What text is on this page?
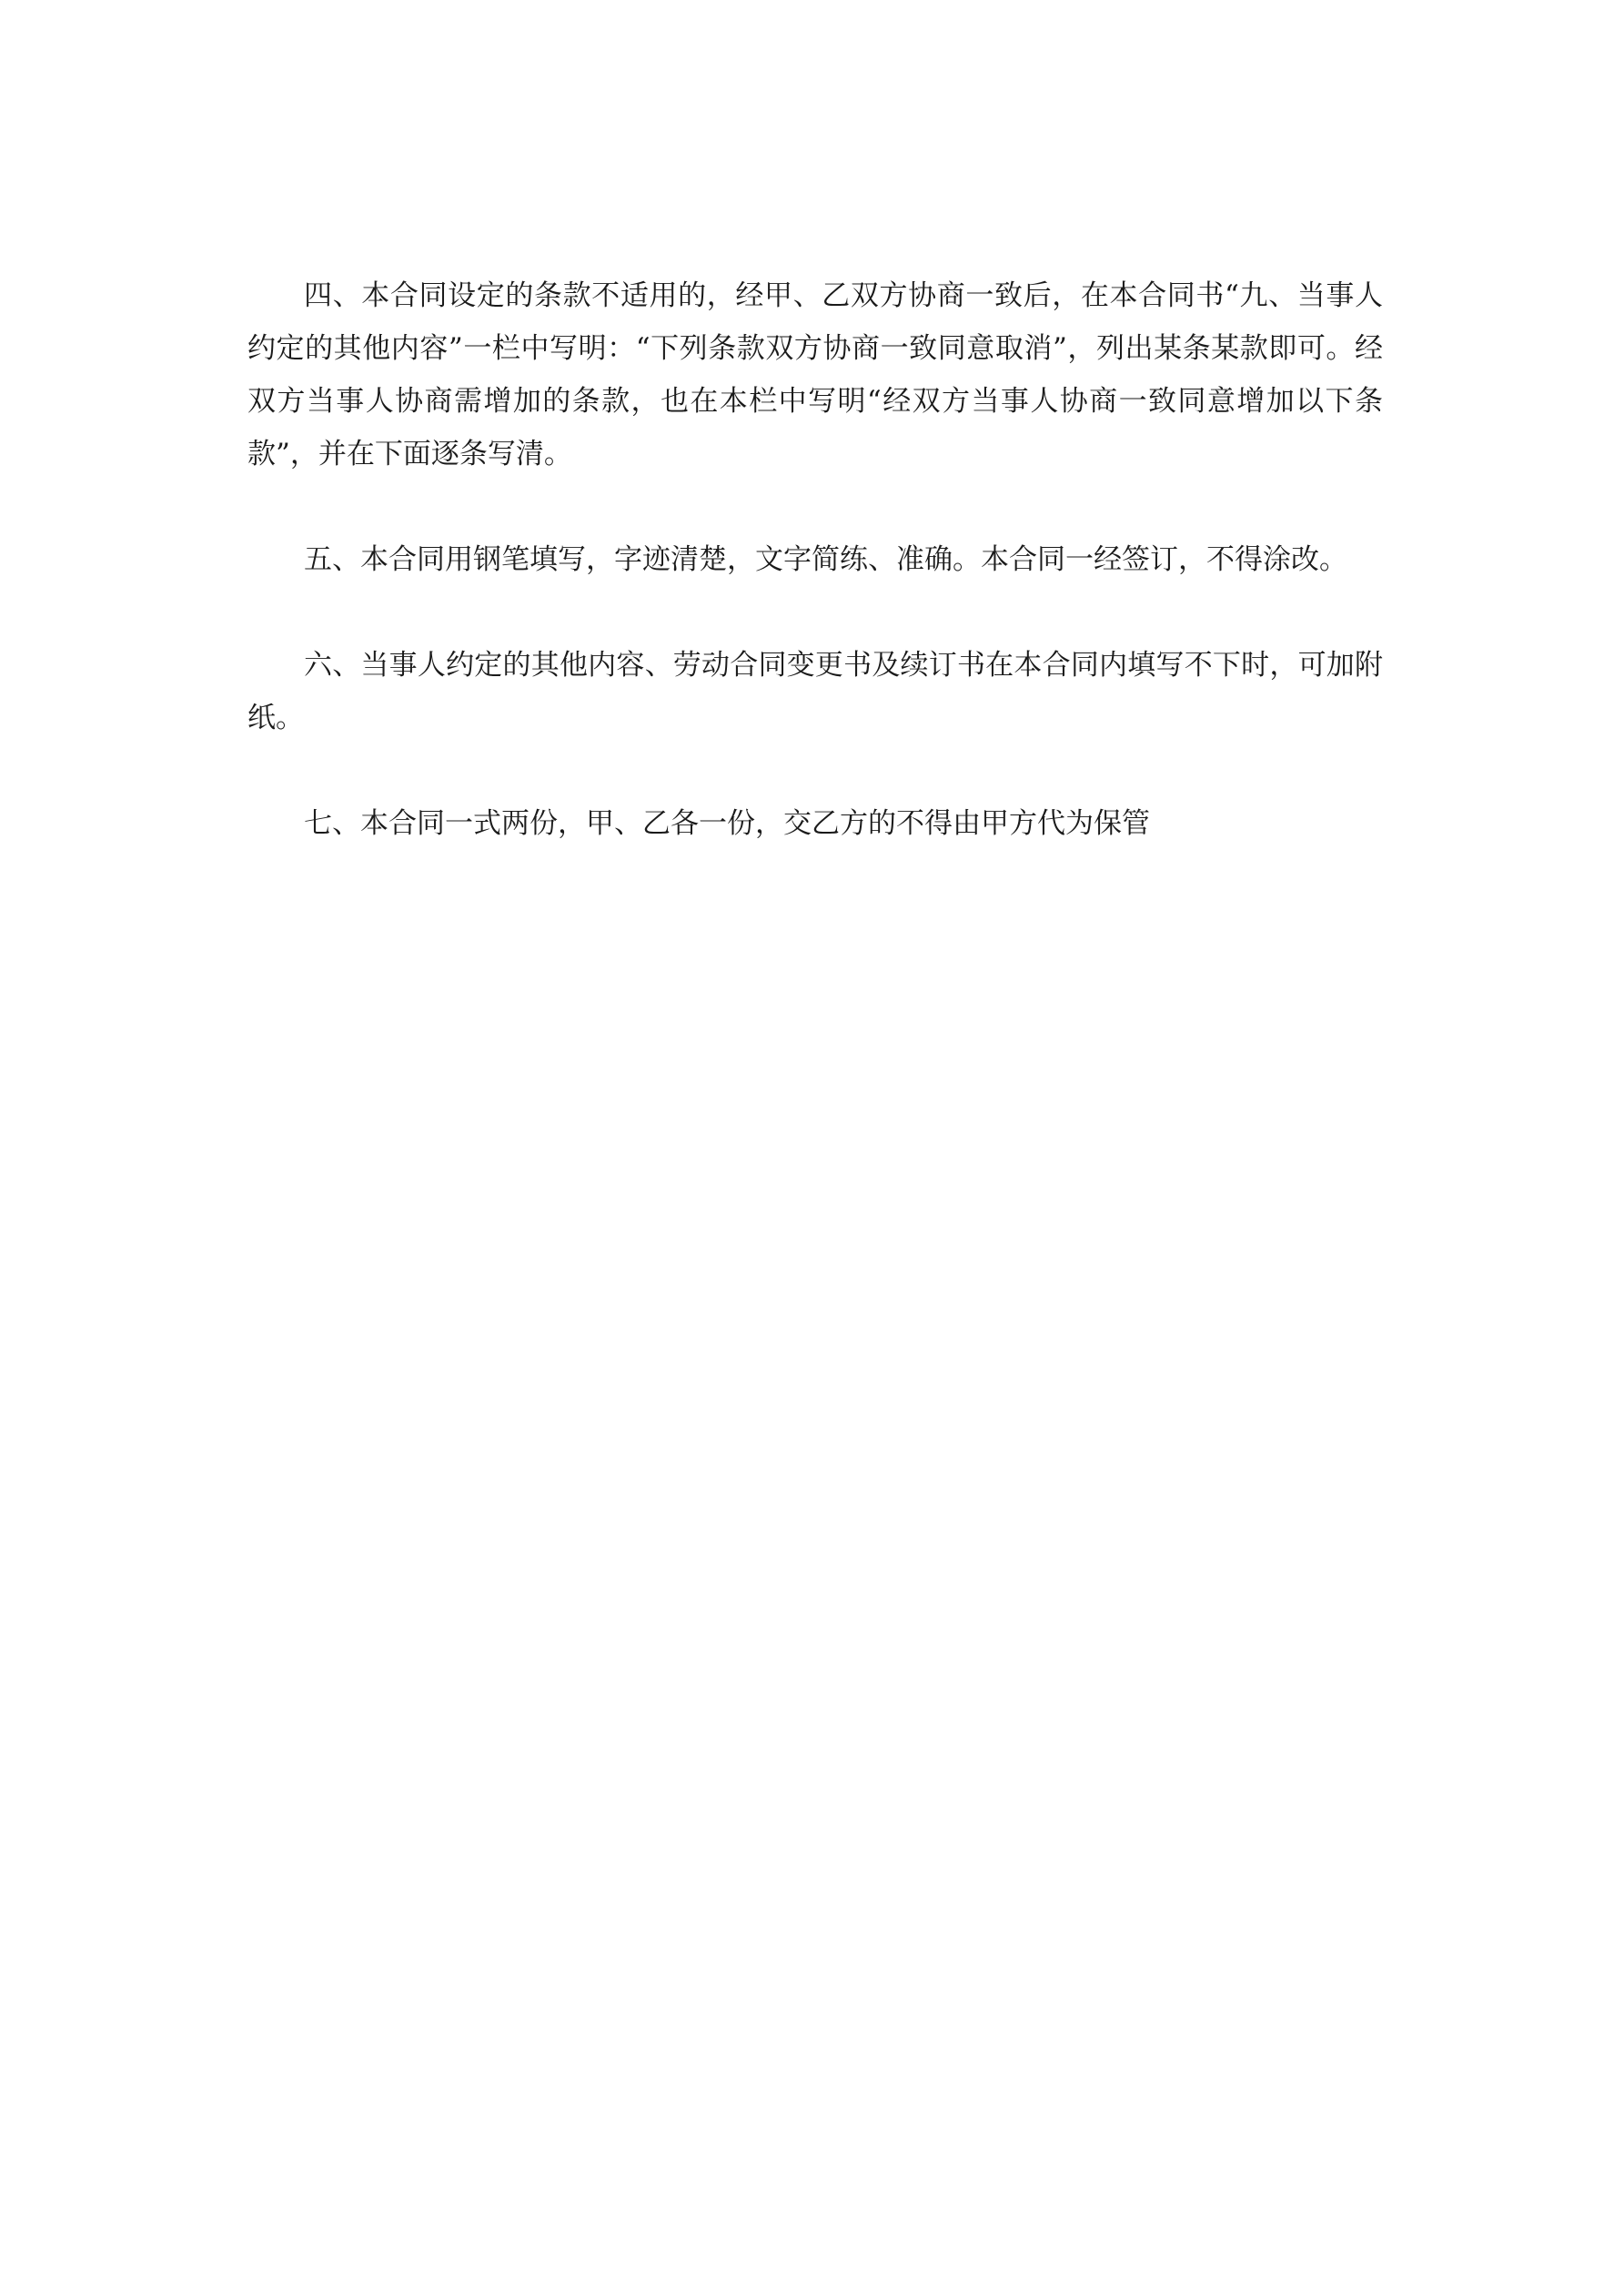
四、本合同设定的条款不适用的，经甲、乙双方协商一致后，在本合同书“九、当事人约定的其他内容”一栏中写明：“下列条款双方协商一致同意取消”，列出某条某款即可。经双方当事人协商需增加的条款，也在本栏中写明“经双方当事人协商一致同意增加以下条款”，并在下面逐条写清。

五、本合同用钢笔填写，字迹清楚，文字简练、准确。本合同一经签订，不得涂改。

六、当事人约定的其他内容、劳动合同变更书及续订书在本合同内填写不下时，可加附纸。

七、本合同一式两份，甲、乙各一份，交乙方的不得由甲方代为保管
